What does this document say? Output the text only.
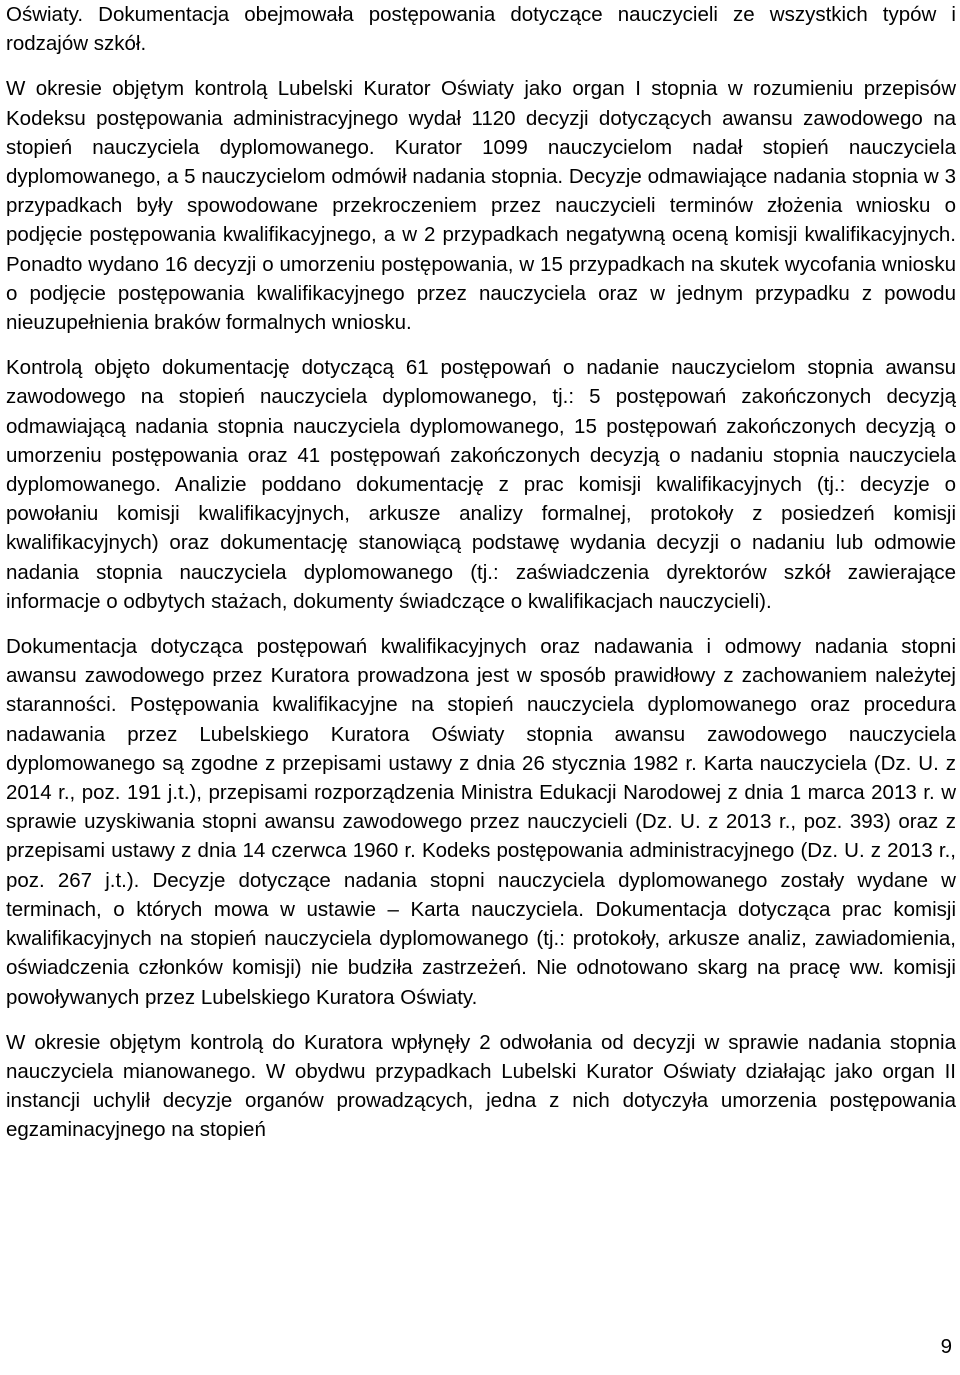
Oświaty. Dokumentacja obejmowała postępowania dotyczące nauczycieli ze wszystkich typów i rodzajów szkół.

W okresie objętym kontrolą Lubelski Kurator Oświaty jako organ I stopnia w rozumieniu przepisów Kodeksu postępowania administracyjnego wydał 1120 decyzji dotyczących awansu zawodowego na stopień nauczyciela dyplomowanego. Kurator 1099 nauczycielom nadał stopień nauczyciela dyplomowanego, a 5 nauczycielom odmówił nadania stopnia. Decyzje odmawiające nadania stopnia w 3 przypadkach były spowodowane przekroczeniem przez nauczycieli terminów złożenia wniosku o podjęcie postępowania kwalifikacyjnego, a w 2 przypadkach negatywną oceną komisji kwalifikacyjnych. Ponadto wydano 16 decyzji o umorzeniu postępowania, w 15 przypadkach na skutek wycofania wniosku o podjęcie postępowania kwalifikacyjnego przez nauczyciela oraz w jednym przypadku z powodu nieuzupełnienia braków formalnych wniosku.

Kontrolą objęto dokumentację dotyczącą 61 postępowań o nadanie nauczycielom stopnia awansu zawodowego na stopień nauczyciela dyplomowanego, tj.: 5 postępowań zakończonych decyzją odmawiającą nadania stopnia nauczyciela dyplomowanego, 15 postępowań zakończonych decyzją o umorzeniu postępowania oraz 41 postępowań zakończonych decyzją o nadaniu stopnia nauczyciela dyplomowanego. Analizie poddano dokumentację z prac komisji kwalifikacyjnych (tj.: decyzje o powołaniu komisji kwalifikacyjnych, arkusze analizy formalnej, protokoły z posiedzeń komisji kwalifikacyjnych) oraz dokumentację stanowiącą podstawę wydania decyzji o nadaniu lub odmowie nadania stopnia nauczyciela dyplomowanego (tj.: zaświadczenia dyrektorów szkół zawierające informacje o odbytych stażach, dokumenty świadczące o kwalifikacjach nauczycieli).

Dokumentacja dotycząca postępowań kwalifikacyjnych oraz nadawania i odmowy nadania stopni awansu zawodowego przez Kuratora prowadzona jest w sposób prawidłowy z zachowaniem należytej staranności. Postępowania kwalifikacyjne na stopień nauczyciela dyplomowanego oraz procedura nadawania przez Lubelskiego Kuratora Oświaty stopnia awansu zawodowego nauczyciela dyplomowanego są zgodne z przepisami ustawy z dnia 26 stycznia 1982 r. Karta nauczyciela (Dz. U. z 2014 r., poz. 191 j.t.), przepisami rozporządzenia Ministra Edukacji Narodowej z dnia 1 marca 2013 r. w sprawie uzyskiwania stopni awansu zawodowego przez nauczycieli (Dz. U. z 2013 r., poz. 393) oraz z przepisami ustawy z dnia 14 czerwca 1960 r. Kodeks postępowania administracyjnego (Dz. U. z 2013 r., poz. 267 j.t.). Decyzje dotyczące nadania stopni nauczyciela dyplomowanego zostały wydane w terminach, o których mowa w ustawie – Karta nauczyciela. Dokumentacja dotycząca prac komisji kwalifikacyjnych na stopień nauczyciela dyplomowanego (tj.: protokoły, arkusze analiz, zawiadomienia, oświadczenia członków komisji) nie budziła zastrzeżeń. Nie odnotowano skarg na pracę ww. komisji powoływanych przez Lubelskiego Kuratora Oświaty.

W okresie objętym kontrolą do Kuratora wpłynęły 2 odwołania od decyzji w sprawie nadania stopnia nauczyciela mianowanego. W obydwu przypadkach Lubelski Kurator Oświaty działając jako organ II instancji uchylił decyzje organów prowadzących, jedna z nich dotyczyła umorzenia postępowania egzaminacyjnego na stopień

9
